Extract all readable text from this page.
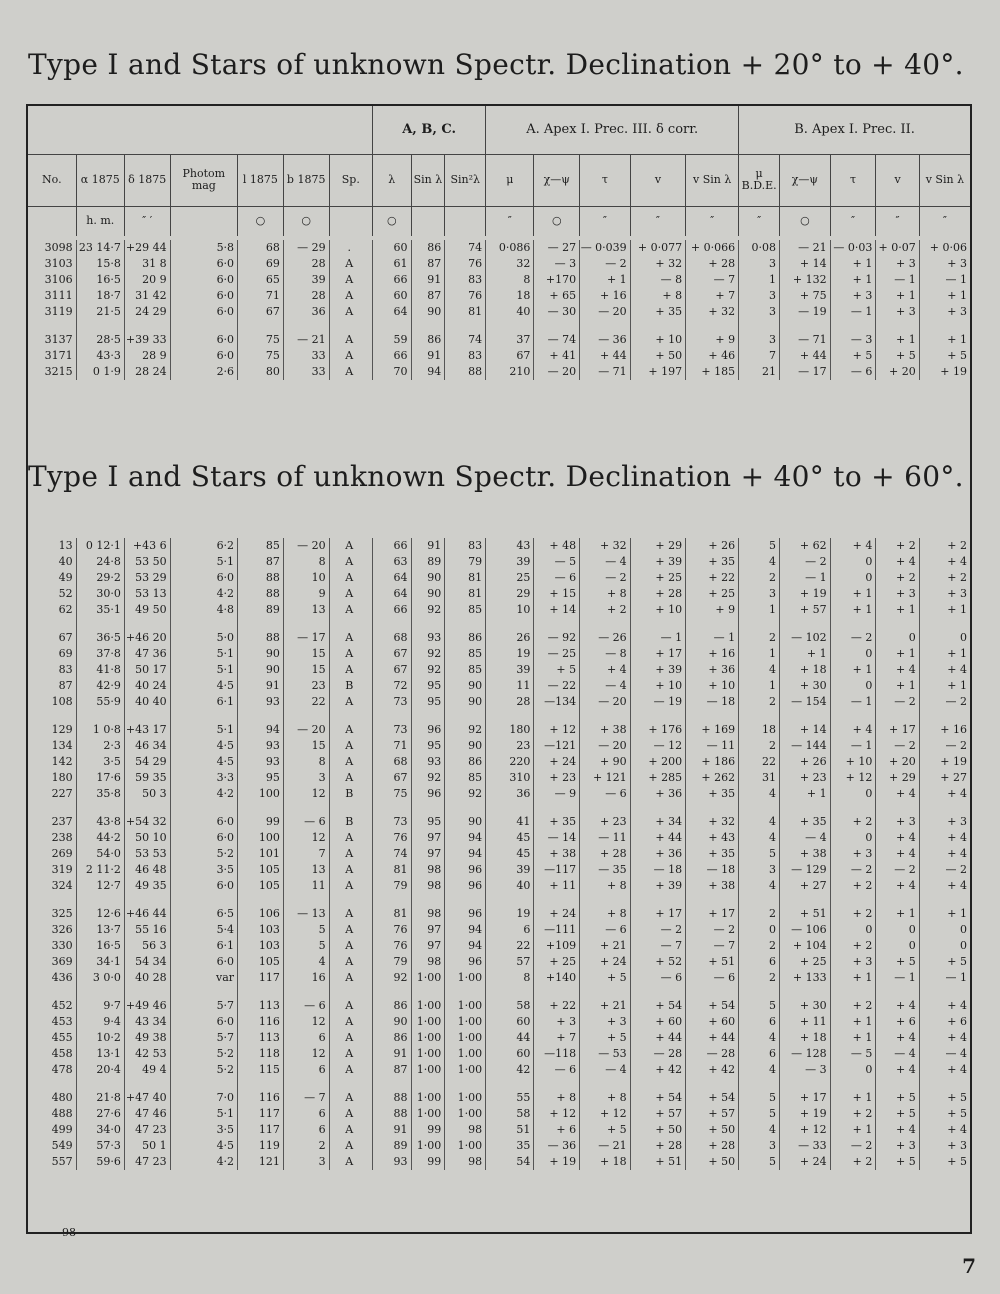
Type I and Stars of unknown Spectr. Declination + 20° to + 40°.
							A, B, C.			A. Apex I. Prec. III. δ corr.					B. Apex I. Prec. II.				
No.	α 1875	δ 1875	Photom mag	l 1875	b 1875	Sp.	λ	Sin λ	Sin²λ	μ	χ—ψ	τ	v	v Sin λ	μ B.D.E.	χ—ψ	τ	v	v Sin λ
	h. m.	″ ′		○	○		○			″	○	″	″	″	″	○	″	″	″
3098	23 14·7	+29 44	5·8	68	— 29	.	60	86	74	0·086	— 27	— 0·039	+ 0·077	+ 0·066	0·08	— 21	— 0·03	+ 0·07	+ 0·06
3103	15·8	31 8	6·0	69	28	A	61	87	76	32	— 3	— 2	+ 32	+ 28	3	+ 14	+ 1	+ 3	+ 3
3106	16·5	20 9	6·0	65	39	A	66	91	83	8	+170	+ 1	— 8	— 7	1	+ 132	+ 1	— 1	— 1
3111	18·7	31 42	6·0	71	28	A	60	87	76	18	+ 65	+ 16	+ 8	+ 7	3	+ 75	+ 3	+ 1	+ 1
3119	21·5	24 29	6·0	67	36	A	64	90	81	40	— 30	— 20	+ 35	+ 32	3	— 19	— 1	+ 3	+ 3

3137	28·5	+39 33	6·0	75	— 21	A	59	86	74	37	— 74	— 36	+ 10	+ 9	3	— 71	— 3	+ 1	+ 1
3171	43·3	28 9	6·0	75	33	A	66	91	83	67	+ 41	+ 44	+ 50	+ 46	7	+ 44	+ 5	+ 5	+ 5
3215	0 1·9	28 24	2·6	80	33	A	70	94	88	210	— 20	— 71	+ 197	+ 185	21	— 17	— 6	+ 20	+ 19
Type I and Stars of unknown Spectr. Declination + 40° to + 60°.
13	0 12·1	+43 6	6·2	85	— 20	A	66	91	83	43	+ 48	+ 32	+ 29	+ 26	5	+ 62	+ 4	+ 2	+ 2
40	24·8	53 50	5·1	87	8	A	63	89	79	39	— 5	— 4	+ 39	+ 35	4	— 2	0	+ 4	+ 4
49	29·2	53 29	6·0	88	10	A	64	90	81	25	— 6	— 2	+ 25	+ 22	2	— 1	0	+ 2	+ 2
52	30·0	53 13	4·2	88	9	A	64	90	81	29	+ 15	+ 8	+ 28	+ 25	3	+ 19	+ 1	+ 3	+ 3
62	35·1	49 50	4·8	89	13	A	66	92	85	10	+ 14	+ 2	+ 10	+ 9	1	+ 57	+ 1	+ 1	+ 1

67	36·5	+46 20	5·0	88	— 17	A	68	93	86	26	— 92	— 26	— 1	— 1	2	— 102	— 2	0	0
69	37·8	47 36	5·1	90	15	A	67	92	85	19	— 25	— 8	+ 17	+ 16	1	+ 1	0	+ 1	+ 1
83	41·8	50 17	5·1	90	15	A	67	92	85	39	+ 5	+ 4	+ 39	+ 36	4	+ 18	+ 1	+ 4	+ 4
87	42·9	40 24	4·5	91	23	B	72	95	90	11	— 22	— 4	+ 10	+ 10	1	+ 30	0	+ 1	+ 1
108	55·9	40 40	6·1	93	22	A	73	95	90	28	—134	— 20	— 19	— 18	2	— 154	— 1	— 2	— 2

129	1 0·8	+43 17	5·1	94	— 20	A	73	96	92	180	+ 12	+ 38	+ 176	+ 169	18	+ 14	+ 4	+ 17	+ 16
134	2·3	46 34	4·5	93	15	A	71	95	90	23	—121	— 20	— 12	— 11	2	— 144	— 1	— 2	— 2
142	3·5	54 29	4·5	93	8	A	68	93	86	220	+ 24	+ 90	+ 200	+ 186	22	+ 26	+ 10	+ 20	+ 19
180	17·6	59 35	3·3	95	3	A	67	92	85	310	+ 23	+ 121	+ 285	+ 262	31	+ 23	+ 12	+ 29	+ 27
227	35·8	50 3	4·2	100	12	B	75	96	92	36	— 9	— 6	+ 36	+ 35	4	+ 1	0	+ 4	+ 4

237	43·8	+54 32	6·0	99	— 6	B	73	95	90	41	+ 35	+ 23	+ 34	+ 32	4	+ 35	+ 2	+ 3	+ 3
238	44·2	50 10	6·0	100	12	A	76	97	94	45	— 14	— 11	+ 44	+ 43	4	— 4	0	+ 4	+ 4
269	54·0	53 53	5·2	101	7	A	74	97	94	45	+ 38	+ 28	+ 36	+ 35	5	+ 38	+ 3	+ 4	+ 4
319	2 11·2	46 48	3·5	105	13	A	81	98	96	39	—117	— 35	— 18	— 18	3	— 129	— 2	— 2	— 2
324	12·7	49 35	6·0	105	11	A	79	98	96	40	+ 11	+ 8	+ 39	+ 38	4	+ 27	+ 2	+ 4	+ 4

325	12·6	+46 44	6·5	106	— 13	A	81	98	96	19	+ 24	+ 8	+ 17	+ 17	2	+ 51	+ 2	+ 1	+ 1
326	13·7	55 16	5·4	103	5	A	76	97	94	6	—111	— 6	— 2	— 2	0	— 106	0	0	0
330	16·5	56 3	6·1	103	5	A	76	97	94	22	+109	+ 21	— 7	— 7	2	+ 104	+ 2	0	0
369	34·1	54 34	6·0	105	4	A	79	98	96	57	+ 25	+ 24	+ 52	+ 51	6	+ 25	+ 3	+ 5	+ 5
436	3 0·0	40 28	var	117	16	A	92	1·00	1·00	8	+140	+ 5	— 6	— 6	2	+ 133	+ 1	— 1	— 1

452	9·7	+49 46	5·7	113	— 6	A	86	1·00	1·00	58	+ 22	+ 21	+ 54	+ 54	5	+ 30	+ 2	+ 4	+ 4
453	9·4	43 34	6·0	116	12	A	90	1·00	1·00	60	+ 3	+ 3	+ 60	+ 60	6	+ 11	+ 1	+ 6	+ 6
455	10·2	49 38	5·7	113	6	A	86	1·00	1·00	44	+ 7	+ 5	+ 44	+ 44	4	+ 18	+ 1	+ 4	+ 4
458	13·1	42 53	5·2	118	12	A	91	1·00	1.00	60	—118	— 53	— 28	— 28	6	— 128	— 5	— 4	— 4
478	20·4	49 4	5·2	115	6	A	87	1·00	1·00	42	— 6	— 4	+ 42	+ 42	4	— 3	0	+ 4	+ 4

480	21·8	+47 40	7·0	116	— 7	A	88	1·00	1·00	55	+ 8	+ 8	+ 54	+ 54	5	+ 17	+ 1	+ 5	+ 5
488	27·6	47 46	5·1	117	6	A	88	1·00	1·00	58	+ 12	+ 12	+ 57	+ 57	5	+ 19	+ 2	+ 5	+ 5
499	34·0	47 23	3·5	117	6	A	91	99	98	51	+ 6	+ 5	+ 50	+ 50	4	+ 12	+ 1	+ 4	+ 4
549	57·3	50 1	4·5	119	2	A	89	1·00	1·00	35	— 36	— 21	+ 28	+ 28	3	— 33	— 2	+ 3	+ 3
557	59·6	47 23	4·2	121	3	A	93	99	98	54	+ 19	+ 18	+ 51	+ 50	5	+ 24	+ 2	+ 5	+ 5
98
7
